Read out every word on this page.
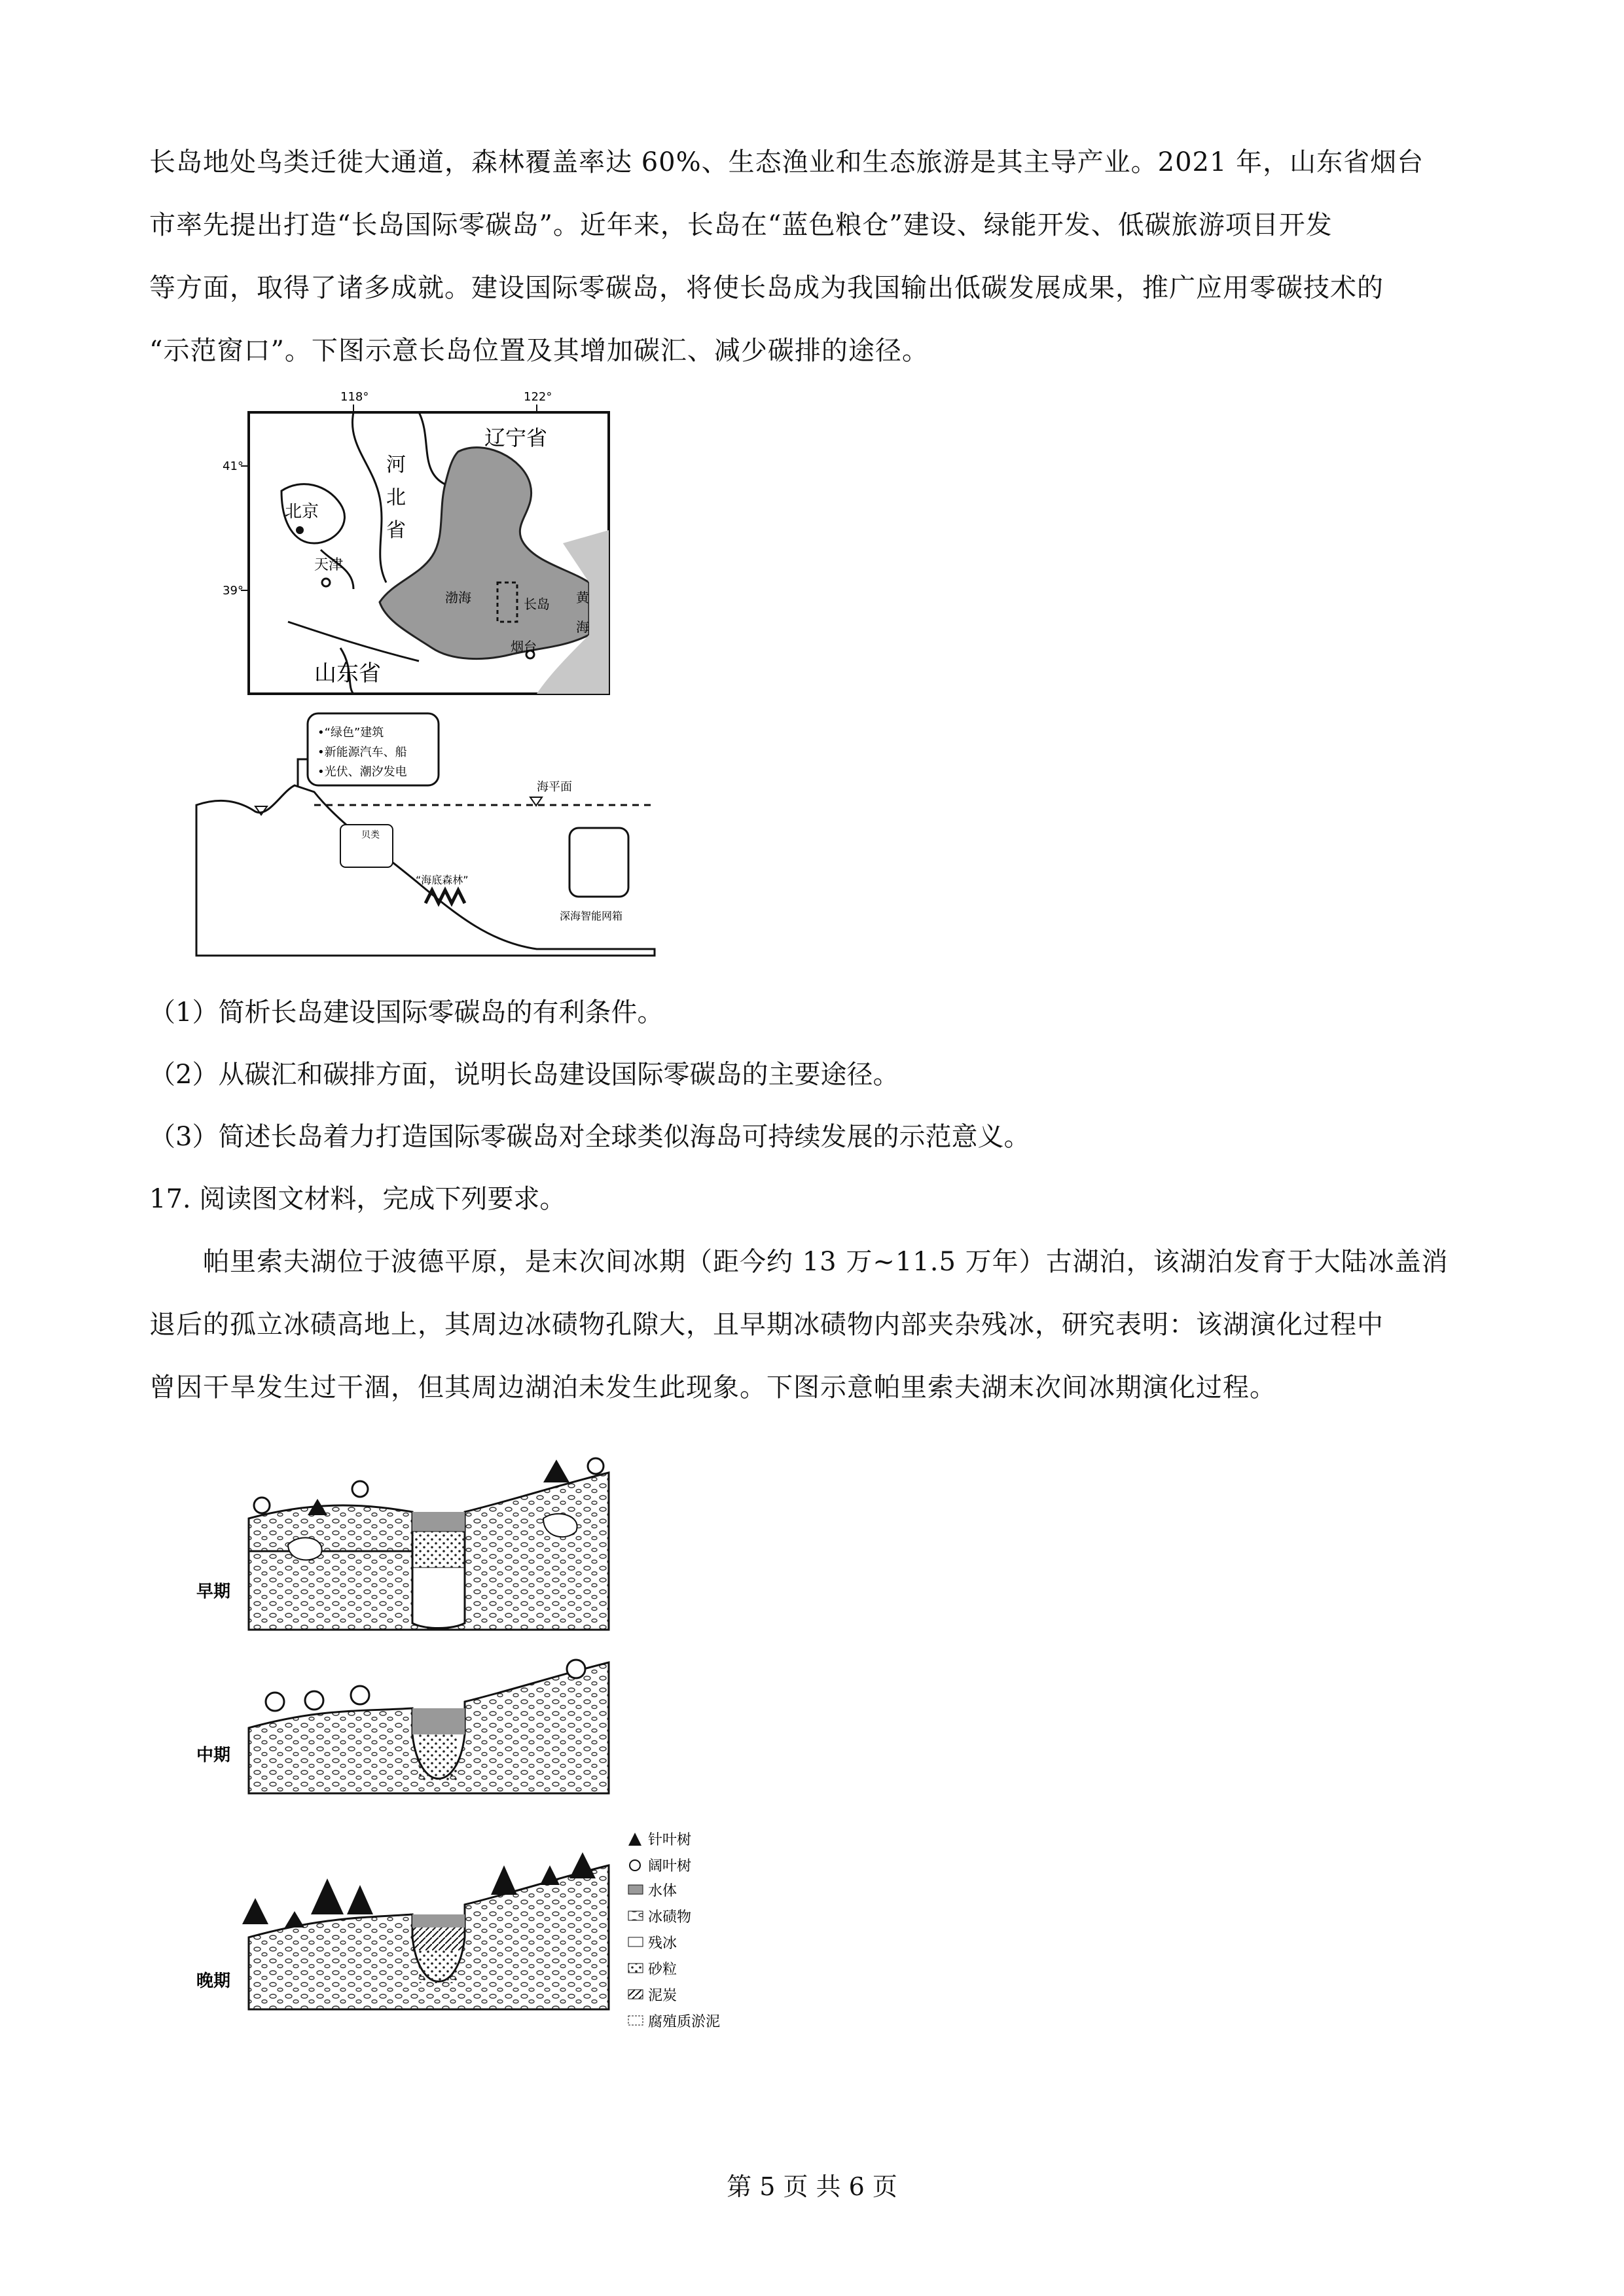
长岛地处鸟类迁徙大通道，森林覆盖率达 60%、生态渔业和生态旅游是其主导产业。2021 年，山东省烟台

市率先提出打造“长岛国际零碳岛”。近年来，长岛在“蓝色粮仓”建设、绿能开发、低碳旅游项目开发

等方面，取得了诸多成就。建设国际零碳岛，将使长岛成为我国输出低碳发展成果，推广应用零碳技术的

“示范窗口”。下图示意长岛位置及其增加碳汇、减少碳排的途径。

118°	122°
41°
39°
辽宁省
河
北
省
北京
天津
渤海	长岛 黄
海
烟台
山东省
•“绿色”建筑
•新能源汽车、船
•光伏、潮汐发电
海平面
贝类
“海底森林”
深海智能网箱

（1）简析长岛建设国际零碳岛的有利条件。

（2）从碳汇和碳排方面，说明长岛建设国际零碳岛的主要途径。

（3）简述长岛着力打造国际零碳岛对全球类似海岛可持续发展的示范意义。

17. 阅读图文材料，完成下列要求。

帕里索夫湖位于波德平原，是末次间冰期（距今约 13 万~11.5 万年）古湖泊，该湖泊发育于大陆冰盖消

退后的孤立冰碛高地上，其周边冰碛物孔隙大，且早期冰碛物内部夹杂残冰，研究表明：该湖演化过程中

曾因干旱发生过干涸，但其周边湖泊未发生此现象。下图示意帕里索夫湖末次间冰期演化过程。

早期
中期
晚期
针叶树
阔叶树
水体
冰碛物
残冰
砂粒
泥炭
腐殖质淤泥
第 5 页 共 6 页
